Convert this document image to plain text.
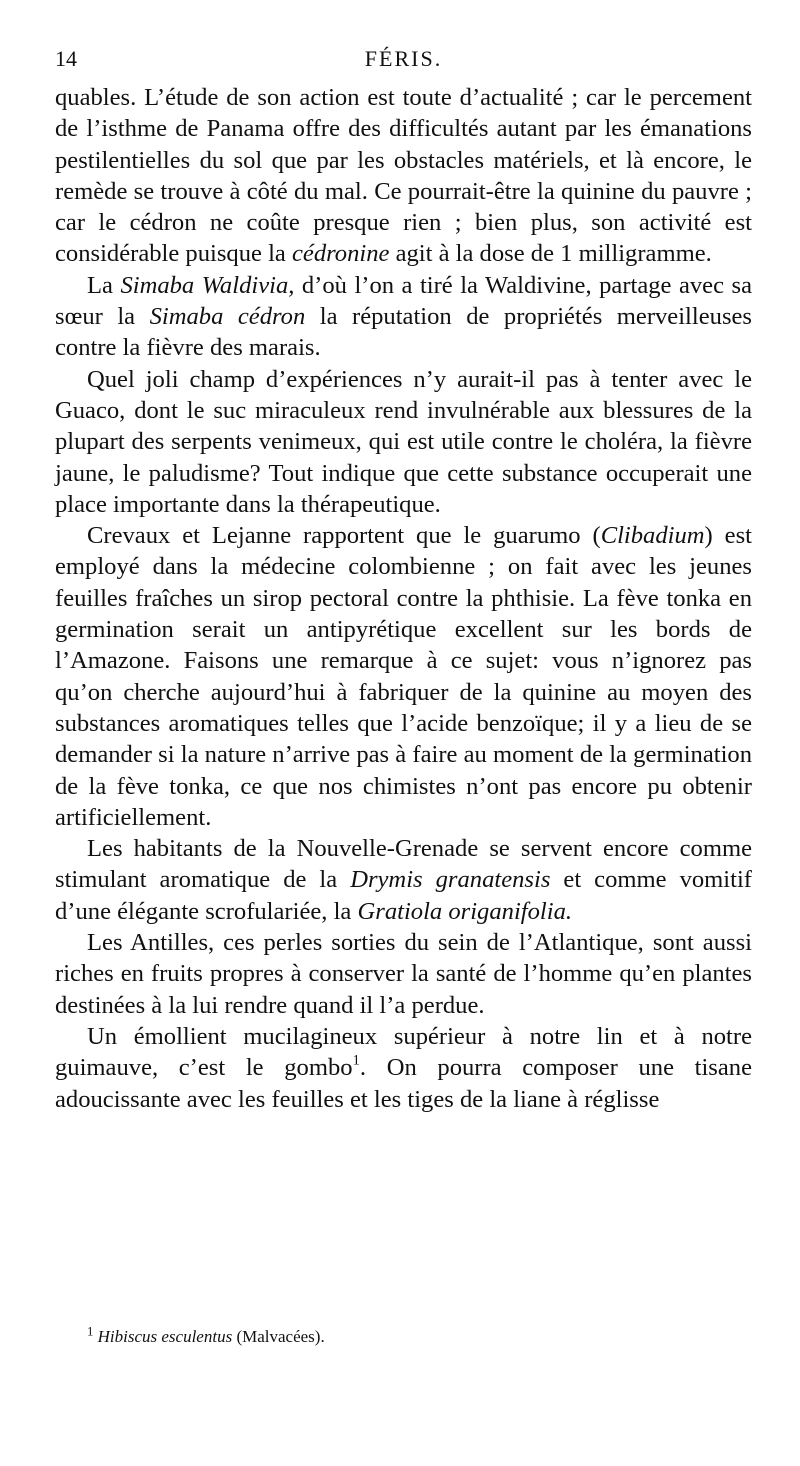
14	FÉRIS.

quables. L’étude de son action est toute d’actualité ; car le percement de l’isthme de Panama offre des difficultés autant par les émanations pestilentielles du sol que par les obstacles matériels, et là encore, le remède se trouve à côté du mal. Ce pourrait-être la quinine du pauvre ; car le cédron ne coûte presque rien ; bien plus, son activité est considérable puisque la cédronine agit à la dose de 1 milligramme.

La Simaba Waldivia, d’où l’on a tiré la Waldivine, partage avec sa sœur la Simaba cédron la réputation de propriétés merveilleuses contre la fièvre des marais.

Quel joli champ d’expériences n’y aurait-il pas à tenter avec le Guaco, dont le suc miraculeux rend invulnérable aux blessures de la plupart des serpents venimeux, qui est utile contre le choléra, la fièvre jaune, le paludisme? Tout indique que cette substance occuperait une place importante dans la thérapeutique.

Crevaux et Lejanne rapportent que le guarumo (Clibadium) est employé dans la médecine colombienne ; on fait avec les jeunes feuilles fraîches un sirop pectoral contre la phthisie. La fève tonka en germination serait un antipyrétique excellent sur les bords de l’Amazone. Faisons une remarque à ce sujet: vous n’ignorez pas qu’on cherche aujourd’hui à fabriquer de la quinine au moyen des substances aromatiques telles que l’acide benzoïque; il y a lieu de se demander si la nature n’arrive pas à faire au moment de la germination de la fève tonka, ce que nos chimistes n’ont pas encore pu obtenir artificiellement.

Les habitants de la Nouvelle-Grenade se servent encore comme stimulant aromatique de la Drymis granatensis et comme vomitif d’une élégante scrofulariée, la Gratiola origanifolia.

Les Antilles, ces perles sorties du sein de l’Atlantique, sont aussi riches en fruits propres à conserver la santé de l’homme qu’en plantes destinées à la lui rendre quand il l’a perdue.

Un émollient mucilagineux supérieur à notre lin et à notre guimauve, c’est le gombo$^1$. On pourra composer une tisane adoucissante avec les feuilles et les tiges de la liane à réglisse

$^1$ Hibiscus esculentus (Malvacées).
